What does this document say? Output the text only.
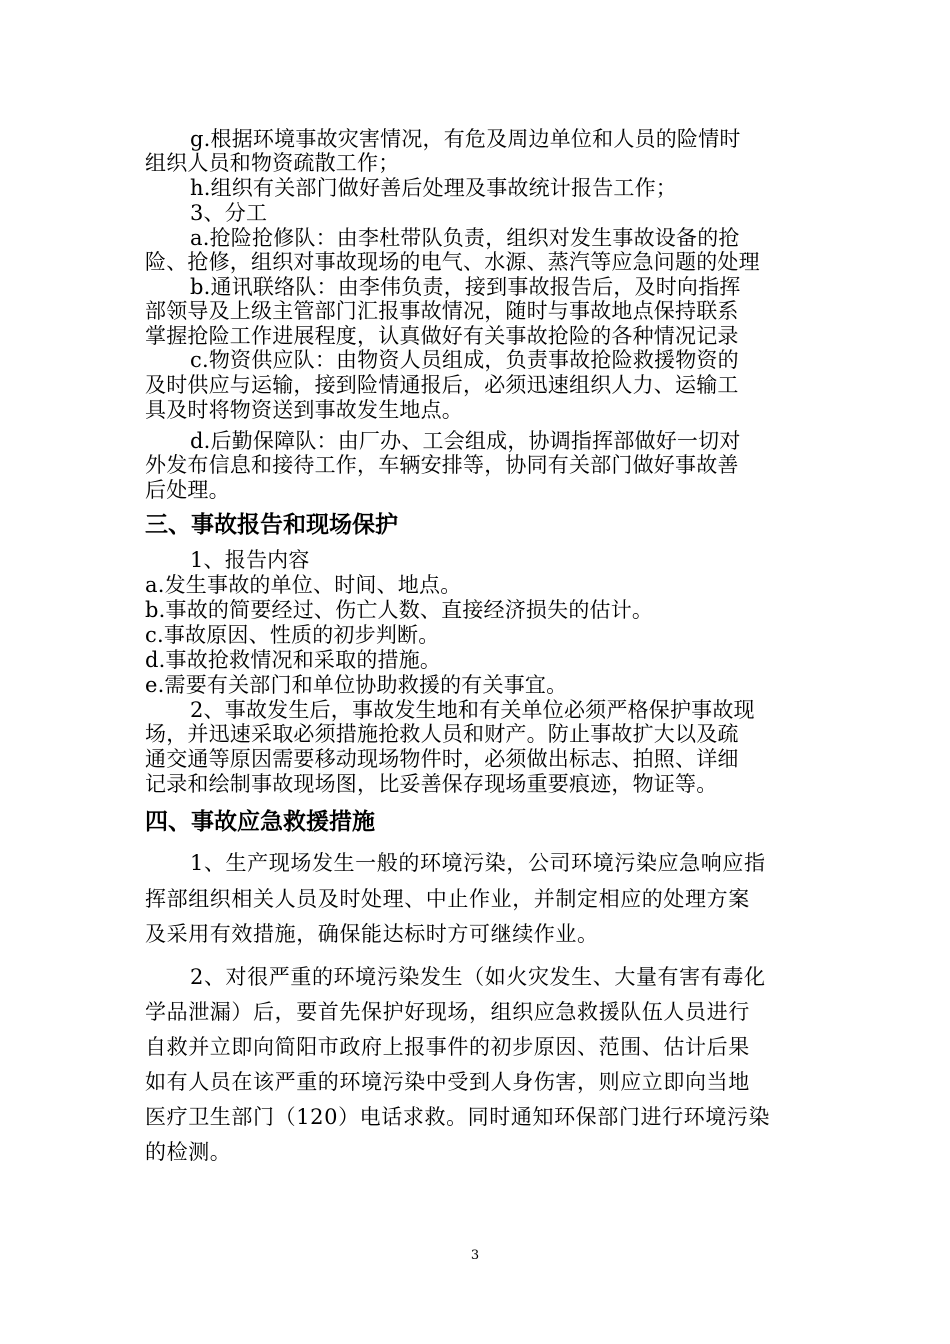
g.根据环境事故灾害情况，有危及周边单位和人员的险情时
组织人员和物资疏散工作；
h.组织有关部门做好善后处理及事故统计报告工作；
3、分工
a.抢险抢修队：由李杜带队负责，组织对发生事故设备的抢
险、抢修，组织对事故现场的电气、水源、蒸汽等应急问题的处理
b.通讯联络队：由李伟负责，接到事故报告后，及时向指挥
部领导及上级主管部门汇报事故情况，随时与事故地点保持联系
掌握抢险工作进展程度，认真做好有关事故抢险的各种情况记录
c.物资供应队：由物资人员组成，负责事故抢险救援物资的
及时供应与运输，接到险情通报后，必须迅速组织人力、运输工
具及时将物资送到事故发生地点。
d.后勤保障队：由厂办、工会组成，协调指挥部做好一切对
外发布信息和接待工作，车辆安排等，协同有关部门做好事故善
后处理。
三、事故报告和现场保护
1、报告内容
a.发生事故的单位、时间、地点。
b.事故的简要经过、伤亡人数、直接经济损失的估计。
c.事故原因、性质的初步判断。
d.事故抢救情况和采取的措施。
e.需要有关部门和单位协助救援的有关事宜。
2、事故发生后，事故发生地和有关单位必须严格保护事故现
场，并迅速采取必须措施抢救人员和财产。防止事故扩大以及疏
通交通等原因需要移动现场物件时，必须做出标志、拍照、详细
记录和绘制事故现场图，比妥善保存现场重要痕迹，物证等。
四、事故应急救援措施
1、生产现场发生一般的环境污染，公司环境污染应急响应指
挥部组织相关人员及时处理、中止作业，并制定相应的处理方案
及采用有效措施，确保能达标时方可继续作业。
2、对很严重的环境污染发生（如火灾发生、大量有害有毒化
学品泄漏）后，要首先保护好现场，组织应急救援队伍人员进行
自救并立即向简阳市政府上报事件的初步原因、范围、估计后果
如有人员在该严重的环境污染中受到人身伤害，则应立即向当地
医疗卫生部门（120）电话求救。同时通知环保部门进行环境污染
的检测。
3
